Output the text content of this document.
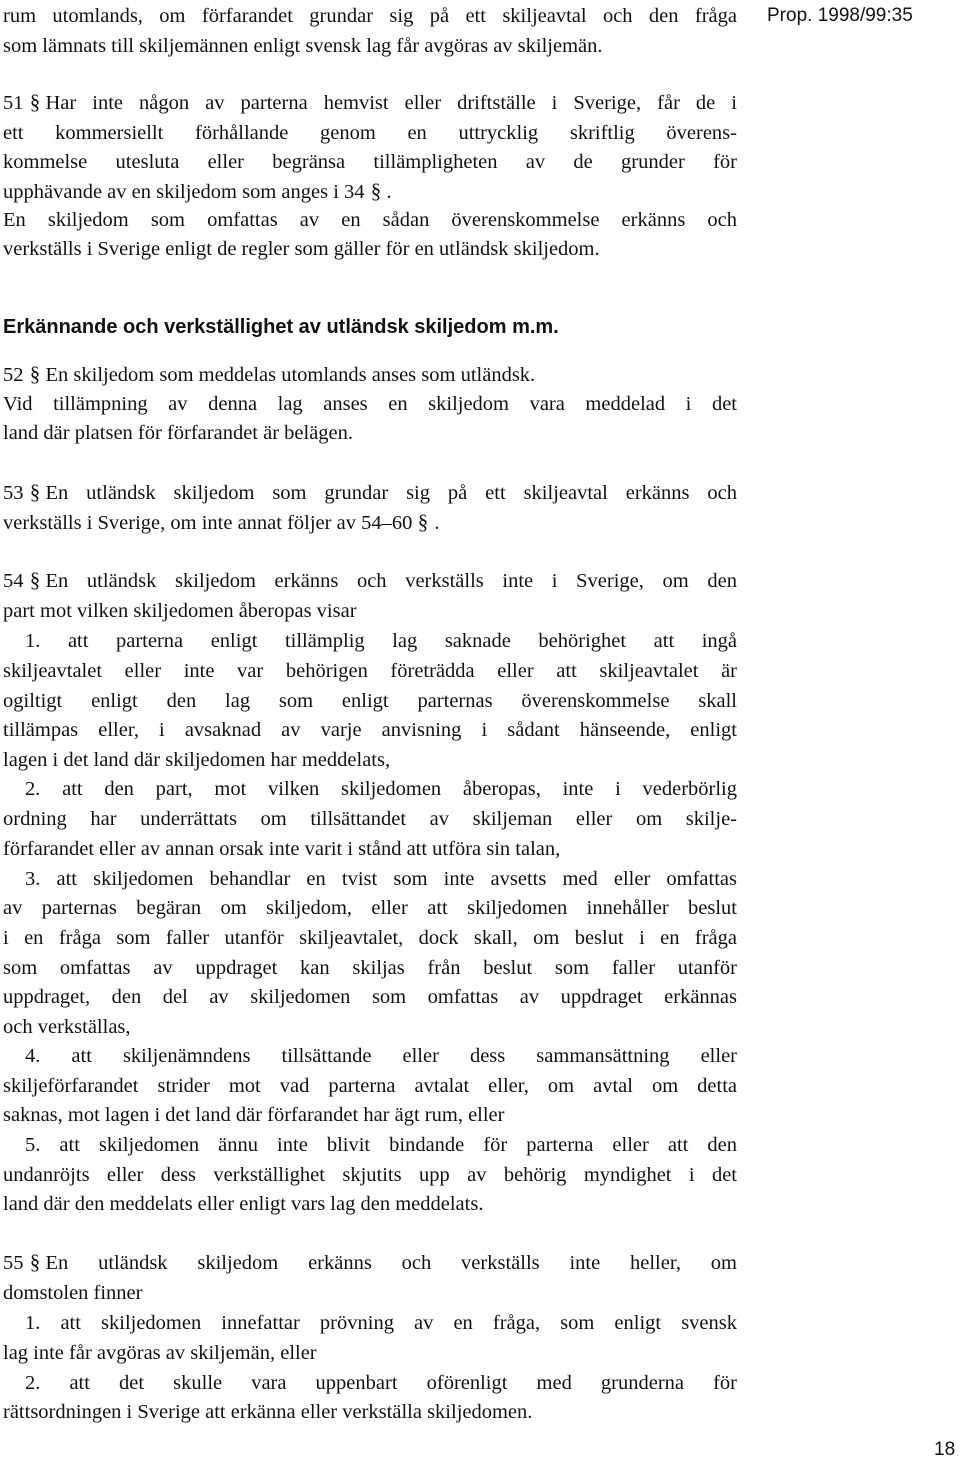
Prop. 1998/99:35
rum utomlands, om förfarandet grundar sig på ett skiljeavtal och den fråga
som lämnats till skiljemännen enligt svensk lag får avgöras av skiljemän.
51 § Har inte någon av parterna hemvist eller driftställe i Sverige, får de i
ett kommersiellt förhållande genom en uttrycklig skriftlig överens-
kommelse utesluta eller begränsa tillämpligheten av de grunder för
upphävande av en skiljedom som anges i 34 § .
En skiljedom som omfattas av en sådan överenskommelse erkänns och
verkställs i Sverige enligt de regler som gäller för en utländsk skiljedom.
Erkännande och verkställighet av utländsk skiljedom m.m.
52 § En skiljedom som meddelas utomlands anses som utländsk.
Vid tillämpning av denna lag anses en skiljedom vara meddelad i det
land där platsen för förfarandet är belägen.
53 § En utländsk skiljedom som grundar sig på ett skiljeavtal erkänns och
verkställs i Sverige, om inte annat följer av 54–60 § .
54 § En utländsk skiljedom erkänns och verkställs inte i Sverige, om den
part mot vilken skiljedomen åberopas visar
1. att parterna enligt tillämplig lag saknade behörighet att ingå
skiljeavtalet eller inte var behörigen företrädda eller att skiljeavtalet är
ogiltigt enligt den lag som enligt parternas överenskommelse skall
tillämpas eller, i avsaknad av varje anvisning i sådant hänseende, enligt
lagen i det land där skiljedomen har meddelats,
2. att den part, mot vilken skiljedomen åberopas, inte i vederbörlig
ordning har underrättats om tillsättandet av skiljeman eller om skilje-
förfarandet eller av annan orsak inte varit i stånd att utföra sin talan,
3. att skiljedomen behandlar en tvist som inte avsetts med eller omfattas
av parternas begäran om skiljedom, eller att skiljedomen innehåller beslut
i en fråga som faller utanför skiljeavtalet, dock skall, om beslut i en fråga
som omfattas av uppdraget kan skiljas från beslut som faller utanför
uppdraget, den del av skiljedomen som omfattas av uppdraget erkännas
och verkställas,
4. att skiljenämndens tillsättande eller dess sammansättning eller
skiljeförfarandet strider mot vad parterna avtalat eller, om avtal om detta
saknas, mot lagen i det land där förfarandet har ägt rum, eller
5. att skiljedomen ännu inte blivit bindande för parterna eller att den
undanröjts eller dess verkställighet skjutits upp av behörig myndighet i det
land där den meddelats eller enligt vars lag den meddelats.
55 § En utländsk skiljedom erkänns och verkställs inte heller, om
domstolen finner
1. att skiljedomen innefattar prövning av en fråga, som enligt svensk
lag inte får avgöras av skiljemän, eller
2. att det skulle vara uppenbart oförenligt med grunderna för
rättsordningen i Sverige att erkänna eller verkställa skiljedomen.
18
